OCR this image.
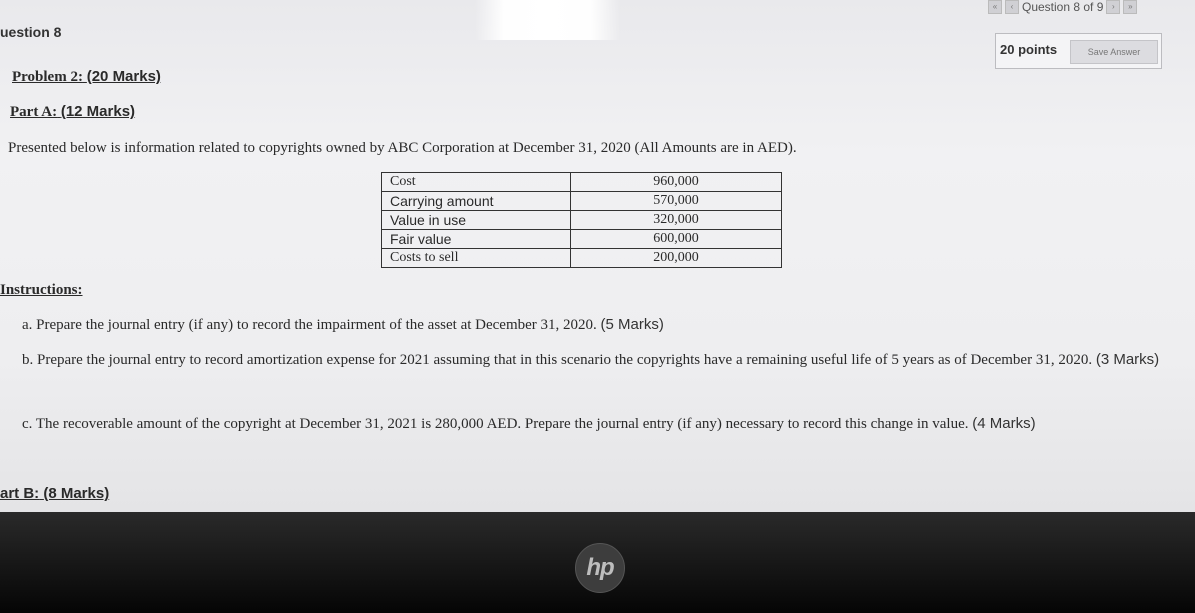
uestion 8
«	‹ Question 8 of 9	›	»
20 points	Save Answer
Problem 2: (20 Marks)
Part A: (12 Marks)
Presented below is information related to copyrights owned by ABC Corporation at December 31, 2020 (All Amounts are in AED).
Cost	960,000
Carrying amount	570,000
Value in use	320,000
Fair value	600,000
Costs to sell	200,000
Instructions:
a. Prepare the journal entry (if any) to record the impairment of the asset at December 31, 2020. (5 Marks)
b. Prepare the journal entry to record amortization expense for 2021 assuming that in this scenario the copyrights have a remaining useful life of 5 years as of December 31, 2020. (3 Marks)
c. The recoverable amount of the copyright at December 31, 2021 is 280,000 AED. Prepare the journal entry (if any) necessary to record this change in value. (4 Marks)
art B: (8 Marks)
hp
